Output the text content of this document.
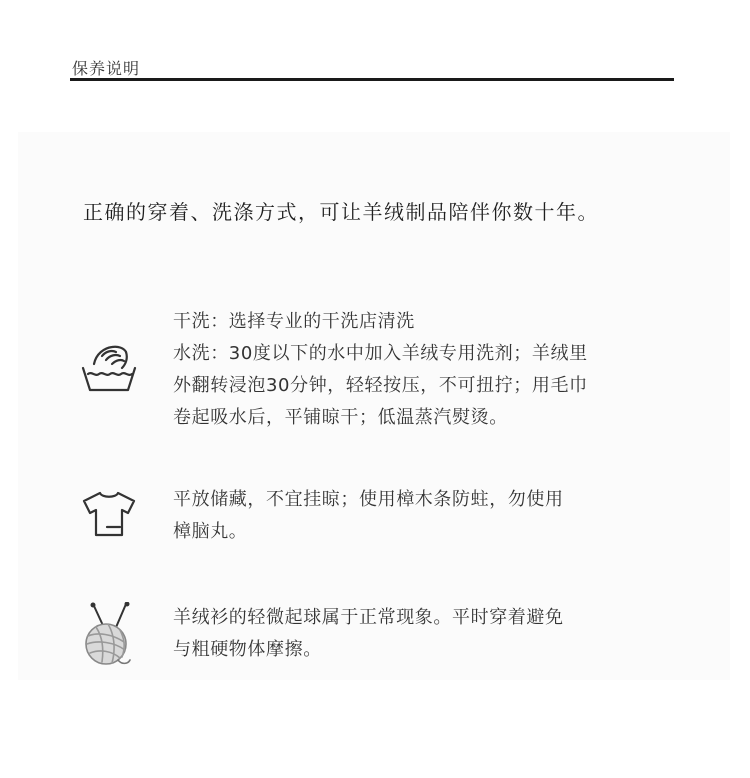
保养说明
正确的穿着、洗涤方式，可让羊绒制品陪伴你数十年。

干洗：选择专业的干洗店清洗

水洗：30度以下的水中加入羊绒专用洗剂；羊绒里

外翻转浸泡30分钟，轻轻按压，不可扭拧；用毛巾

卷起吸水后，平铺晾干；低温蒸汽熨烫。

平放储藏，不宜挂晾；使用樟木条防蛀，勿使用

樟脑丸。

羊绒衫的轻微起球属于正常现象。平时穿着避免

与粗硬物体摩擦。
